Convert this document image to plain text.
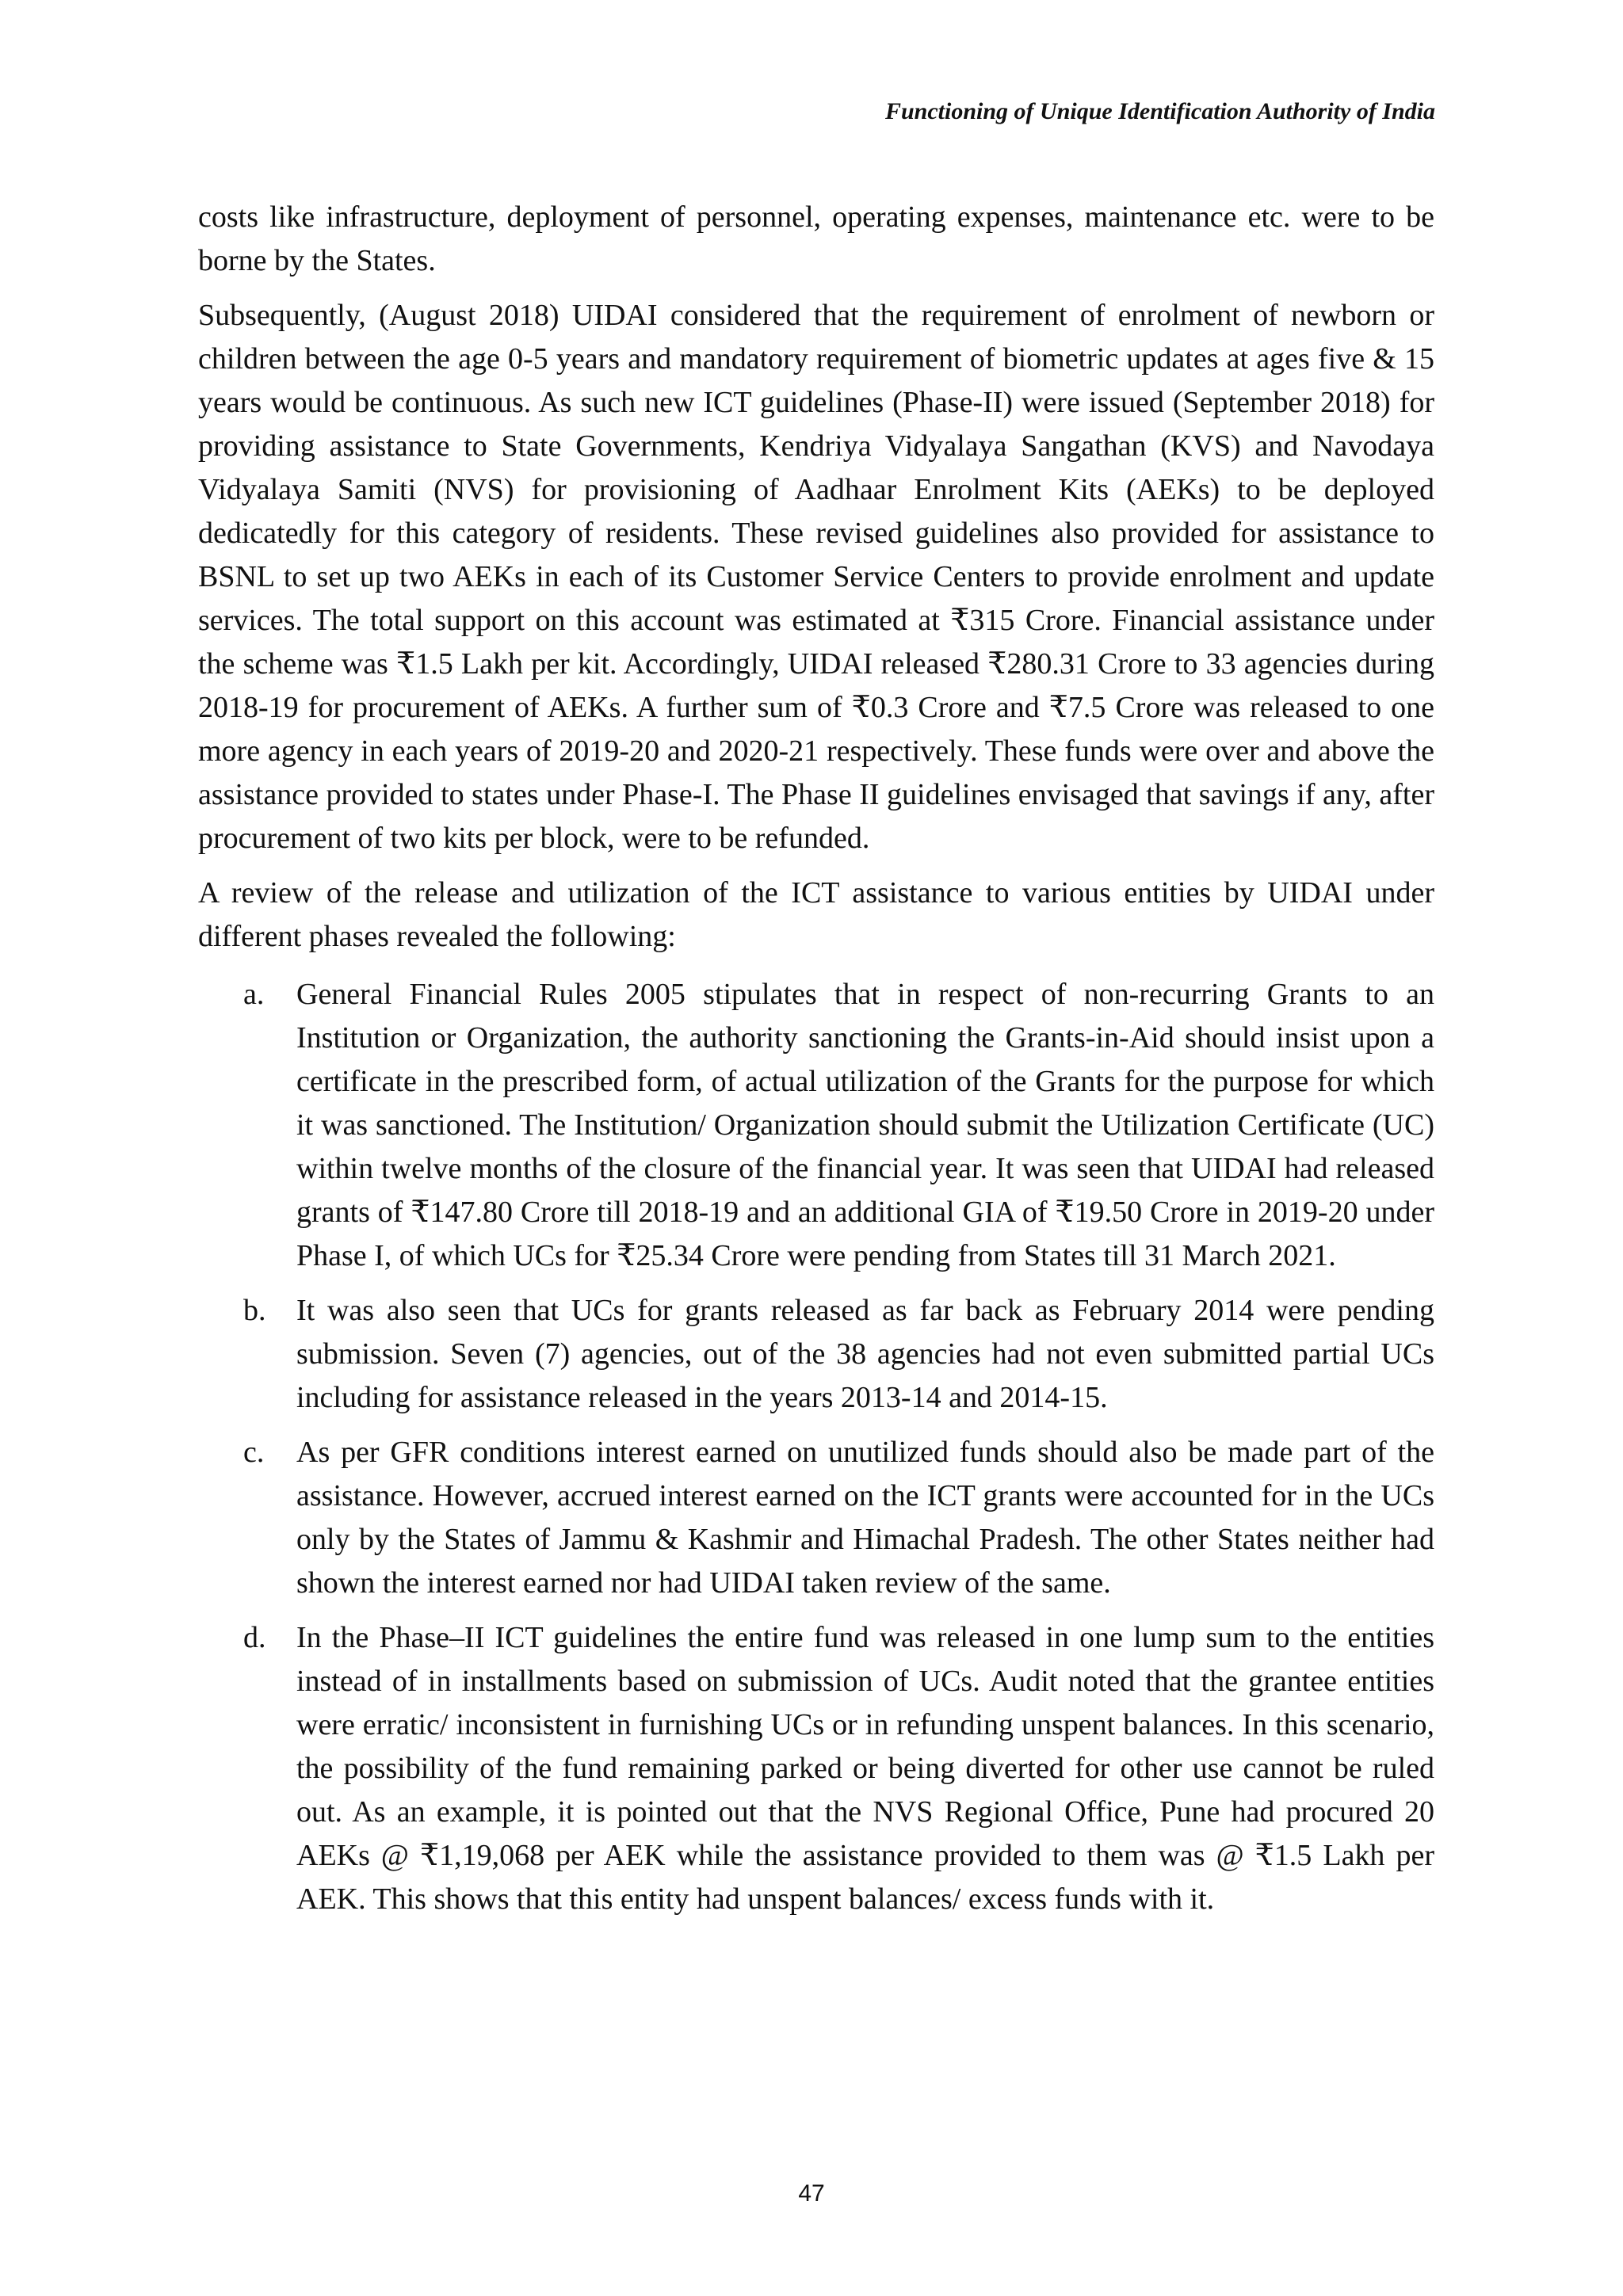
Functioning of Unique Identification Authority of India

costs like infrastructure, deployment of personnel, operating expenses, maintenance etc. were to be borne by the States.

Subsequently, (August 2018) UIDAI considered that the requirement of enrolment of newborn or children between the age 0-5 years and mandatory requirement of biometric updates at ages five & 15 years would be continuous. As such new ICT guidelines (Phase-II) were issued (September 2018) for providing assistance to State Governments, Kendriya Vidyalaya Sangathan (KVS) and Navodaya Vidyalaya Samiti (NVS) for provisioning of Aadhaar Enrolment Kits (AEKs) to be deployed dedicatedly for this category of residents. These revised guidelines also provided for assistance to BSNL to set up two AEKs in each of its Customer Service Centers to provide enrolment and update services. The total support on this account was estimated at ₹315 Crore. Financial assistance under the scheme was ₹1.5 Lakh per kit. Accordingly, UIDAI released ₹280.31 Crore to 33 agencies during 2018-19 for procurement of AEKs. A further sum of ₹0.3 Crore and ₹7.5 Crore was released to one more agency in each years of 2019-20 and 2020-21 respectively. These funds were over and above the assistance provided to states under Phase-I. The Phase II guidelines envisaged that savings if any, after procurement of two kits per block, were to be refunded.

A review of the release and utilization of the ICT assistance to various entities by UIDAI under different phases revealed the following:

a. General Financial Rules 2005 stipulates that in respect of non-recurring Grants to an Institution or Organization, the authority sanctioning the Grants-in-Aid should insist upon a certificate in the prescribed form, of actual utilization of the Grants for the purpose for which it was sanctioned. The Institution/ Organization should submit the Utilization Certificate (UC) within twelve months of the closure of the financial year. It was seen that UIDAI had released grants of ₹147.80 Crore till 2018-19 and an additional GIA of ₹19.50 Crore in 2019-20 under Phase I, of which UCs for ₹25.34 Crore were pending from States till 31 March 2021.
b. It was also seen that UCs for grants released as far back as February 2014 were pending submission. Seven (7) agencies, out of the 38 agencies had not even submitted partial UCs including for assistance released in the years 2013-14 and 2014-15.
c. As per GFR conditions interest earned on unutilized funds should also be made part of the assistance. However, accrued interest earned on the ICT grants were accounted for in the UCs only by the States of Jammu & Kashmir and Himachal Pradesh. The other States neither had shown the interest earned nor had UIDAI taken review of the same.
d. In the Phase–II ICT guidelines the entire fund was released in one lump sum to the entities instead of in installments based on submission of UCs. Audit noted that the grantee entities were erratic/ inconsistent in furnishing UCs or in refunding unspent balances. In this scenario, the possibility of the fund remaining parked or being diverted for other use cannot be ruled out. As an example, it is pointed out that the NVS Regional Office, Pune had procured 20 AEKs @ ₹1,19,068 per AEK while the assistance provided to them was @ ₹1.5 Lakh per AEK. This shows that this entity had unspent balances/ excess funds with it.
47
